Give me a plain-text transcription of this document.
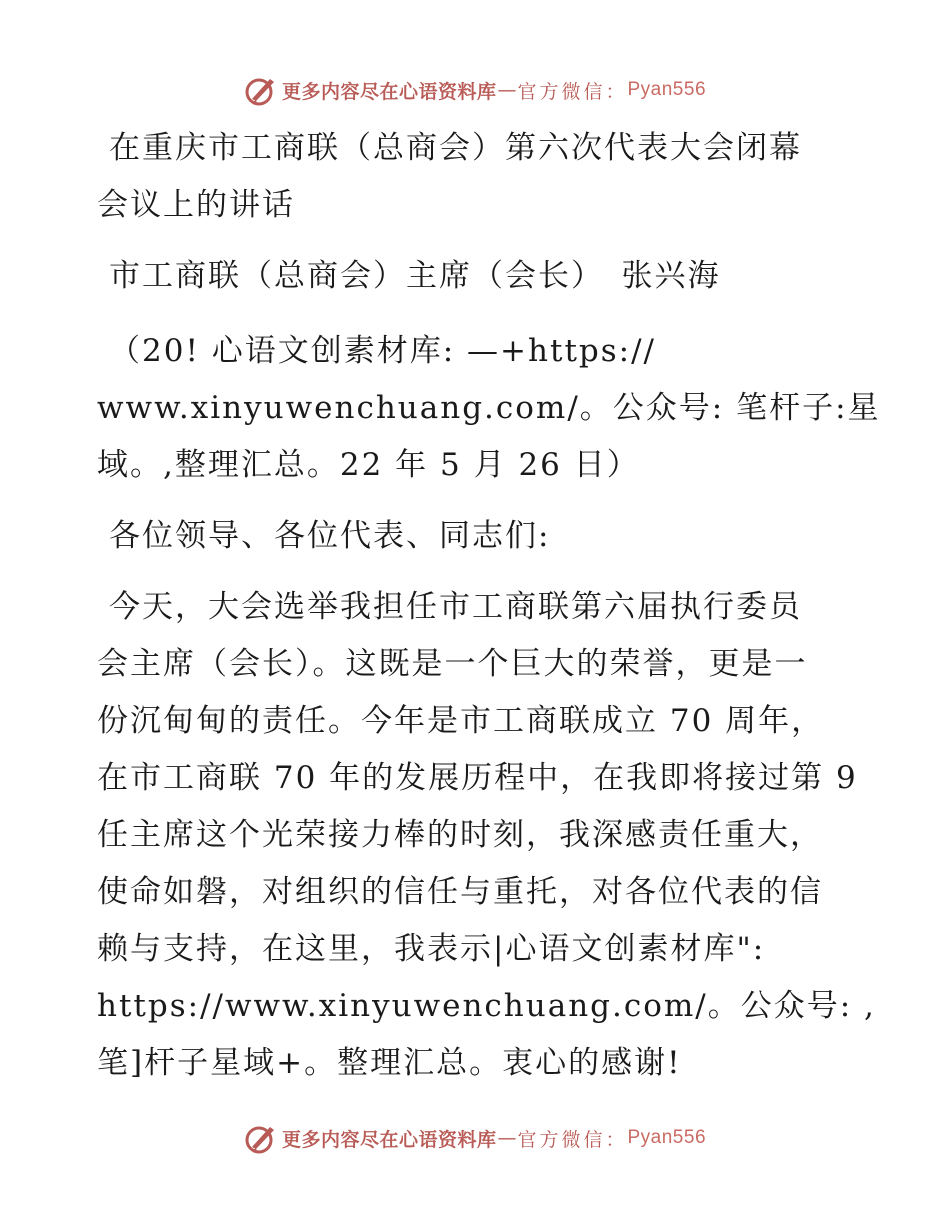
更多内容尽在心语资料库 — 官方微信： Pyan556

在重庆市工商联（总商会）第六次代表大会闭幕

会议上的讲话

市工商联（总商会）主席（会长）　张兴海

（20! 心语文创素材库: —+https://

www.xinyuwenchuang.com/。公众号: 笔杆子:星

域。,整理汇总。22 年 5 月 26 日）

各位领导、各位代表、同志们:

今天，大会选举我担任市工商联第六届执行委员

会主席（会长）。这既是一个巨大的荣誉，更是一

份沉甸甸的责任。今年是市工商联成立 70 周年，

在市工商联 70 年的发展历程中，在我即将接过第 9

任主席这个光荣接力棒的时刻，我深感责任重大，

使命如磐，对组织的信任与重托，对各位代表的信

赖与支持，在这里，我表示|心语文创素材库":

https://www.xinyuwenchuang.com/。公众号: ,

笔]杆子星域+。整理汇总。衷心的感谢!

更多内容尽在心语资料库 — 官方微信： Pyan556
